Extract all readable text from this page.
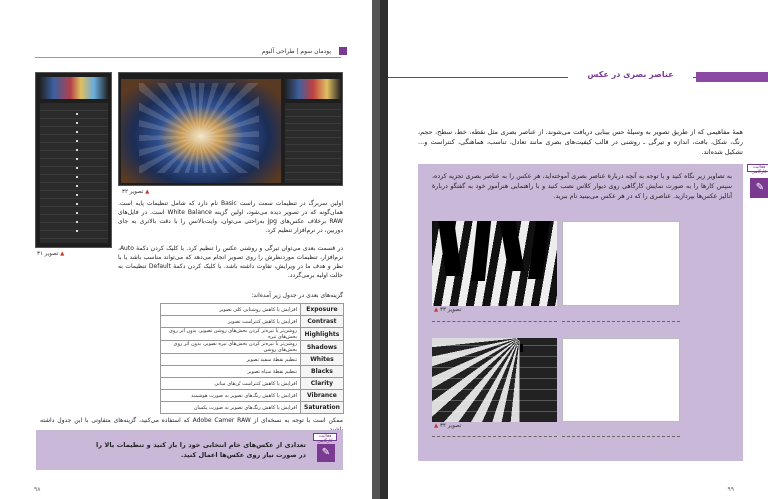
پودمان سوم | طراحی آلبوم
▲ تصویر ۳۱
▲ تصویر ۳۲
اولین سربرگ در تنظیمات سمت راست Basic نام دارد که شامل تنظیمات پایه است. همان‌گونه که در تصویر دیده می‌شود، اولین گزینه White Balance است. در فایل‌های RAW برخلاف عکس‌های jpg به‌راحتی می‌توان، وایت‌بالانس را با دقت بالاتری به جای دوربین، در نرم‌افزار تنظیم کرد.
در قسمت بعدی می‌توان تیرگی و روشنی عکس را تنظیم کرد. با کلیک کردن دکمۀ Auto، نرم‌افزار، تنظیمات موردنظرش را روی تصویر انجام می‌دهد که می‌تواند مناسب باشد یا با نظر و هدف ما در ویرایش، تفاوت داشته باشد. با کلیک کردن دکمۀ Default تنظیمات به حالت اولیه برمی‌گردد.
گزینه‌های بعدی در جدول زیر آمده‌اند:
Exposure	افزایش یا کاهش روشنایی کلی تصویر
Contrast	افزایش یا کاهش کنتراست تصویر
Highlights	روشن‌تر یا تیره‌تر کردن بخش‌های روشن تصویر، بدون اثر روی بخش‌های تیره
Shadows	روشن‌تر یا تیره‌تر کردن بخش‌های تیره تصویر، بدون اثر روی بخش‌های روشن
Whites	تنظیم نقطۀ سفید تصویر
Blacks	تنظیم نقطۀ سیاه تصویر
Clarity	افزایش یا کاهش کنتراست تُن‌های میانی
Vibrance	افزایش یا کاهش رنگ‌های تصویر به صورت هوشمند
Saturation	افزایش یا کاهش رنگ‌های تصویر به صورت یکسان
ممکن است با توجه به نسخه‌ای از Adobe Camer RAW که استفاده می‌کنید، گزینه‌های متفاوتی با این جدول داشته
فعالیت کارگاهی
✎
تعدادی از عکس‌های خام انتخابی خود را باز کنید و تنظیمات بالا را در صورت نیاز روی عکس‌ها اعمال کنید.
۹۸
عناصر بصری در عکس
همهٔ مفاهیمی که از طریق تصویر به وسیلهٔ حس بینایی دریافت می‌شوند، از عناصر بصری مثل نقطه، خط، سطح، حجم، رنگ، شکل، بافت، اندازه و تیرگی ـ روشنی در قالب کیفیت‌های بصری مانند تعادل، تناسب، هماهنگی، کنتراست و... تشکیل شده‌اند.
فعالیت کارگاهی
✎
به تصاویر زیر نگاه کنید و با توجه به آنچه دربارهٔ عناصر بصری آموخته‌اید، هر عکس را به عناصر بصری تجزیه کرده، سپس کارها را به صورت نمایش کارگاهی روی دیوار کلاس نصب کنید و با راهنمایی هنرآموز خود به گفتگو دربارهٔ آنالیز عکس‌ها بپردازید. عناصری را که در هر عکس می‌بینید نام ببرید.
تصویر ۳۳ ▲
تصویر ۳۴ ▲
۹۹
